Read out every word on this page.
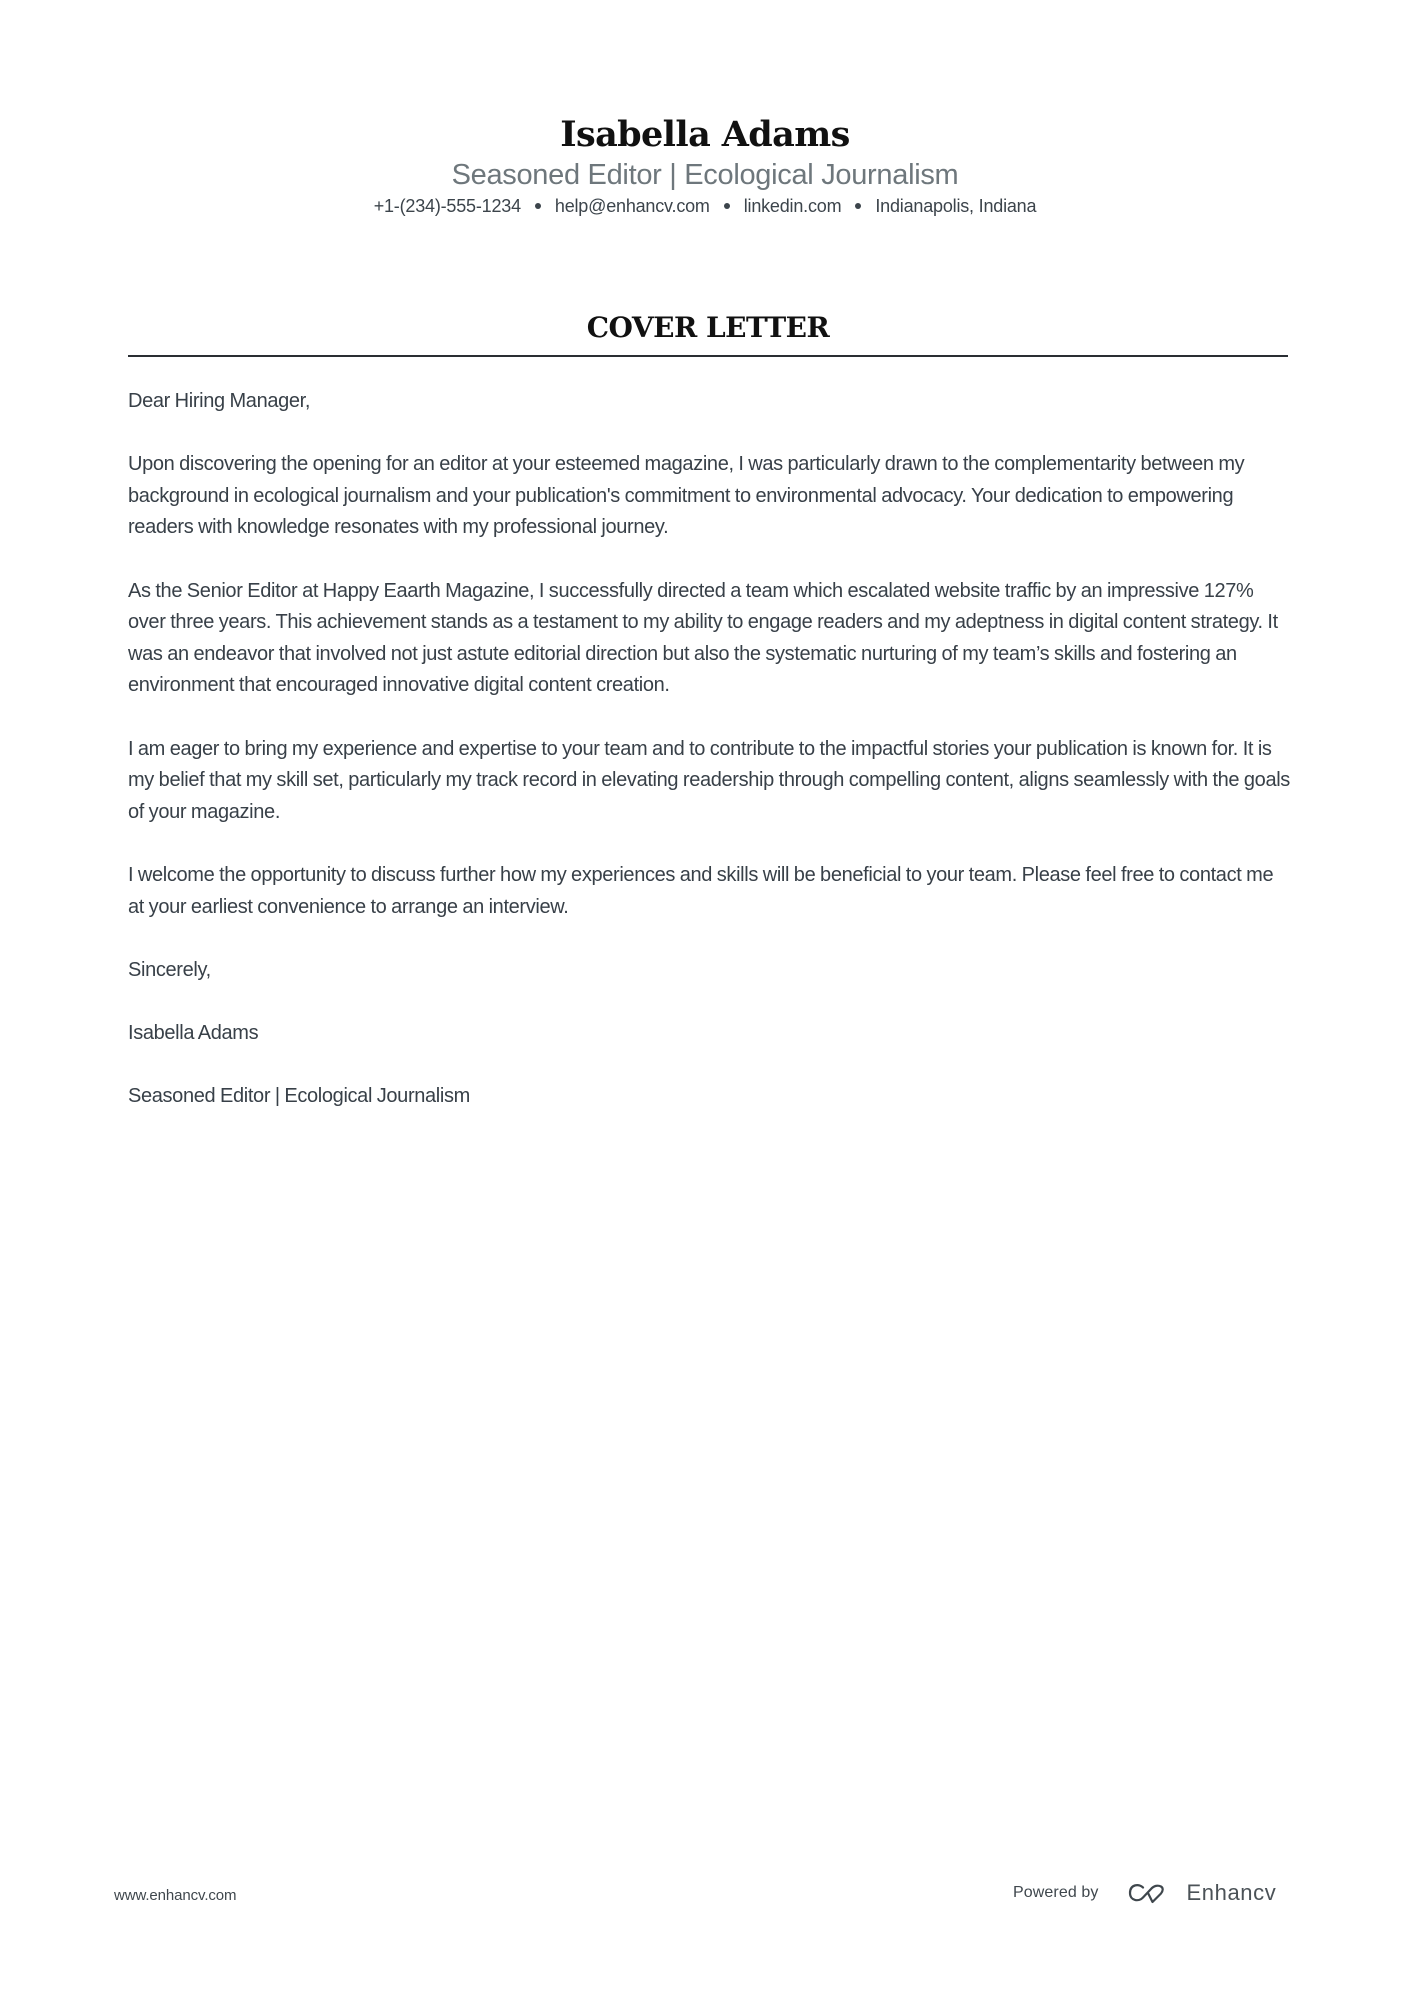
Isabella Adams
Seasoned Editor | Ecological Journalism
+1-(234)-555-1234 help@enhancv.com linkedin.com Indianapolis, Indiana
COVER LETTER

Dear Hiring Manager,

Upon discovering the opening for an editor at your esteemed magazine, I was particularly drawn to the complementarity between my background in ecological journalism and your publication's commitment to environmental advocacy. Your dedication to empowering readers with knowledge resonates with my professional journey.

As the Senior Editor at Happy Eaarth Magazine, I successfully directed a team which escalated website traffic by an impressive 127% over three years. This achievement stands as a testament to my ability to engage readers and my adeptness in digital content strategy. It was an endeavor that involved not just astute editorial direction but also the systematic nurturing of my team’s skills and fostering an environment that encouraged innovative digital content creation.

I am eager to bring my experience and expertise to your team and to contribute to the impactful stories your publication is known for. It is my belief that my skill set, particularly my track record in elevating readership through compelling content, aligns seamlessly with the goals of your magazine.

I welcome the opportunity to discuss further how my experiences and skills will be beneficial to your team. Please feel free to contact me at your earliest convenience to arrange an interview.

Sincerely,

Isabella Adams

Seasoned Editor | Ecological Journalism

www.enhancv.com	Powered by	Enhancv
